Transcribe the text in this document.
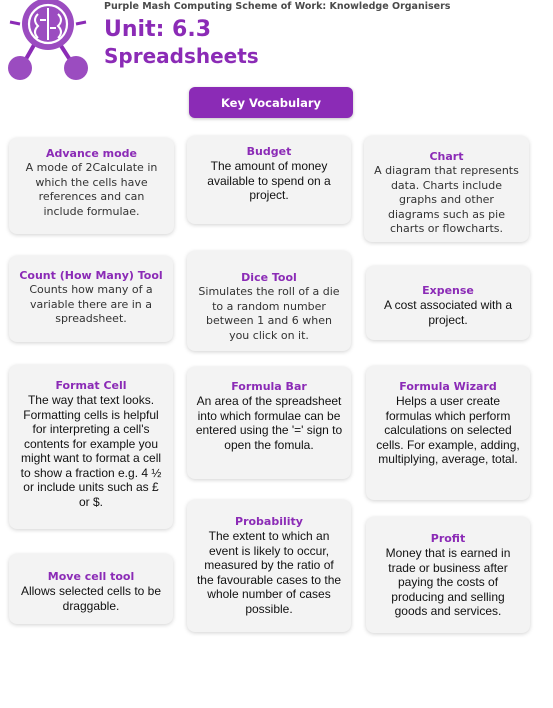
Purple Mash Computing Scheme of Work: Knowledge Organisers
Unit: 6.3
Spreadsheets
Key Vocabulary
Advance mode
A mode of 2Calculate in which the cells have references and can include formulae.
Budget
The amount of money available to spend on a project.
Chart
A diagram that represents data. Charts include graphs and other diagrams such as pie charts or flowcharts.
Count (How Many) Tool
Counts how many of a variable there are in a spreadsheet.
Dice Tool
Simulates the roll of a die to a random number between 1 and 6 when you click on it.
Expense
A cost associated with a project.
Format Cell
The way that text looks. Formatting cells is helpful for interpreting a cell's contents for example you might want to format a cell to show a fraction e.g. 4 ½ or include units such as £ or $.
Formula Bar
An area of the spreadsheet into which formulae can be entered using the '=' sign to open the fomula.
Formula Wizard
Helps a user create formulas which perform calculations on selected cells. For example, adding, multiplying, average, total.
Move cell tool
Allows selected cells to be draggable.
Probability
The extent to which an event is likely to occur, measured by the ratio of the favourable cases to the whole number of cases possible.
Profit
Money that is earned in trade or business after paying the costs of producing and selling goods and services.
